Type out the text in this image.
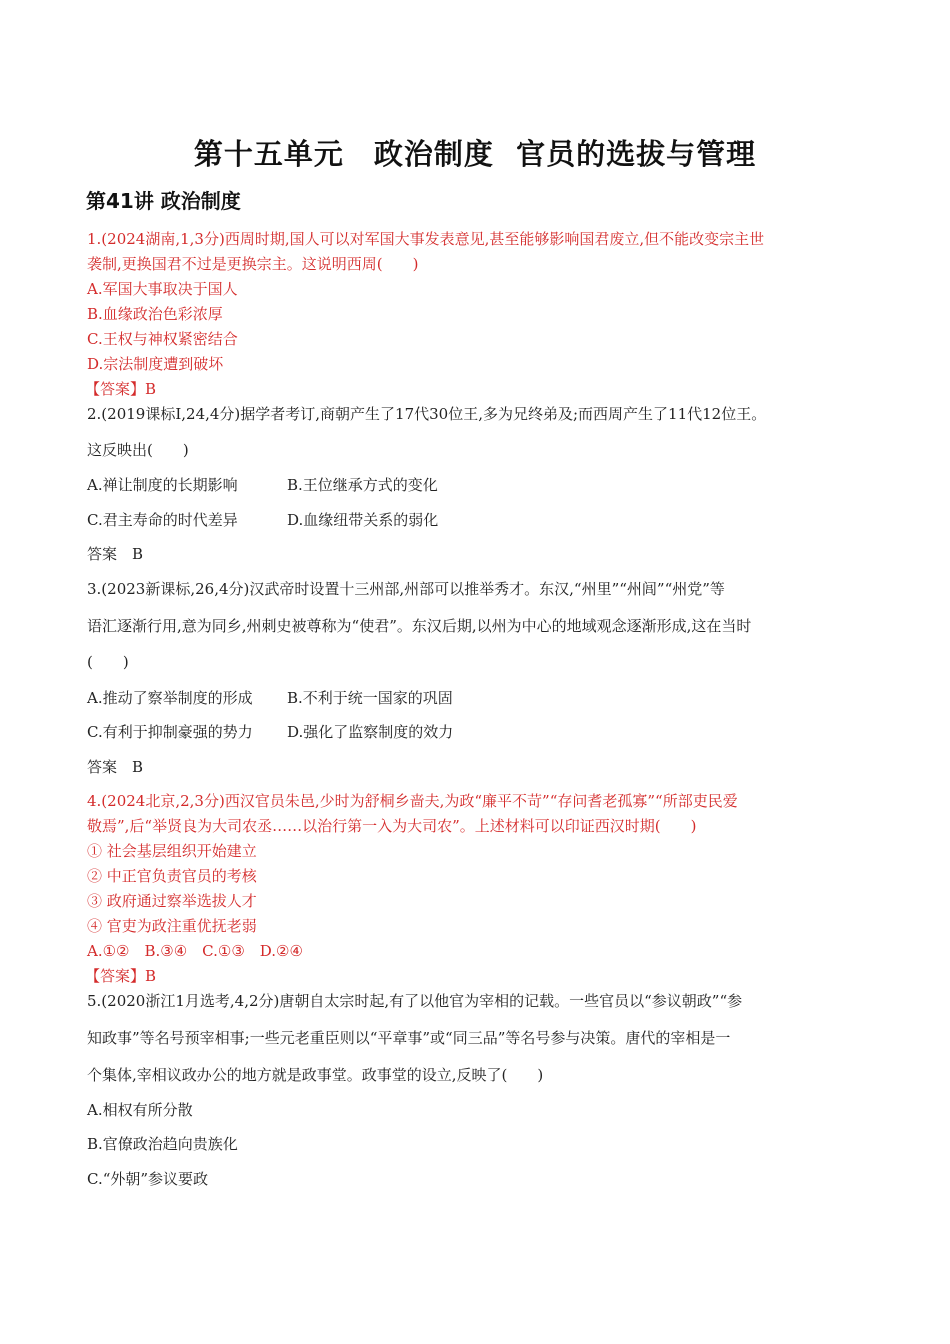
第十五单元　政治制度  官员的选拔与管理
第41讲 政治制度
1.(2024湖南,1,3分)西周时期,国人可以对军国大事发表意见,甚至能够影响国君废立,但不能改变宗主世
袭制,更换国君不过是更换宗主。这说明西周(　　)
A.军国大事取决于国人
B.血缘政治色彩浓厚
C.王权与神权紧密结合
D.宗法制度遭到破坏
【答案】B
2.(2019课标Ⅰ,24,4分)据学者考订,商朝产生了17代30位王,多为兄终弟及;而西周产生了11代12位王。
这反映出(　　)
A.禅让制度的长期影响	B.王位继承方式的变化
C.君主寿命的时代差异	D.血缘纽带关系的弱化
答案　B
3.(2023新课标,26,4分)汉武帝时设置十三州部,州部可以推举秀才。东汉,“州里”“州闾”“州党”等
语汇逐渐行用,意为同乡,州刺史被尊称为“使君”。东汉后期,以州为中心的地域观念逐渐形成,这在当时
(　　)
A.推动了察举制度的形成 B.不利于统一国家的巩固
C.有利于抑制豪强的势力 D.强化了监察制度的效力
答案　B
4.(2024北京,2,3分)西汉官员朱邑,少时为舒桐乡啬夫,为政“廉平不苛”“存问耆老孤寡”“所部吏民爱
敬焉”,后“举贤良为大司农丞……以治行第一入为大司农”。上述材料可以印证西汉时期(　　)
① 社会基层组织开始建立
② 中正官负责官员的考核
③ 政府通过察举选拔人才
④ 官吏为政注重优抚老弱
A.①②　B.③④　C.①③　D.②④
【答案】B
5.(2020浙江1月选考,4,2分)唐朝自太宗时起,有了以他官为宰相的记载。一些官员以“参议朝政”“参
知政事”等名号预宰相事;一些元老重臣则以“平章事”或“同三品”等名号参与决策。唐代的宰相是一
个集体,宰相议政办公的地方就是政事堂。政事堂的设立,反映了(　　)
A.相权有所分散
B.官僚政治趋向贵族化
C.“外朝”参议要政
